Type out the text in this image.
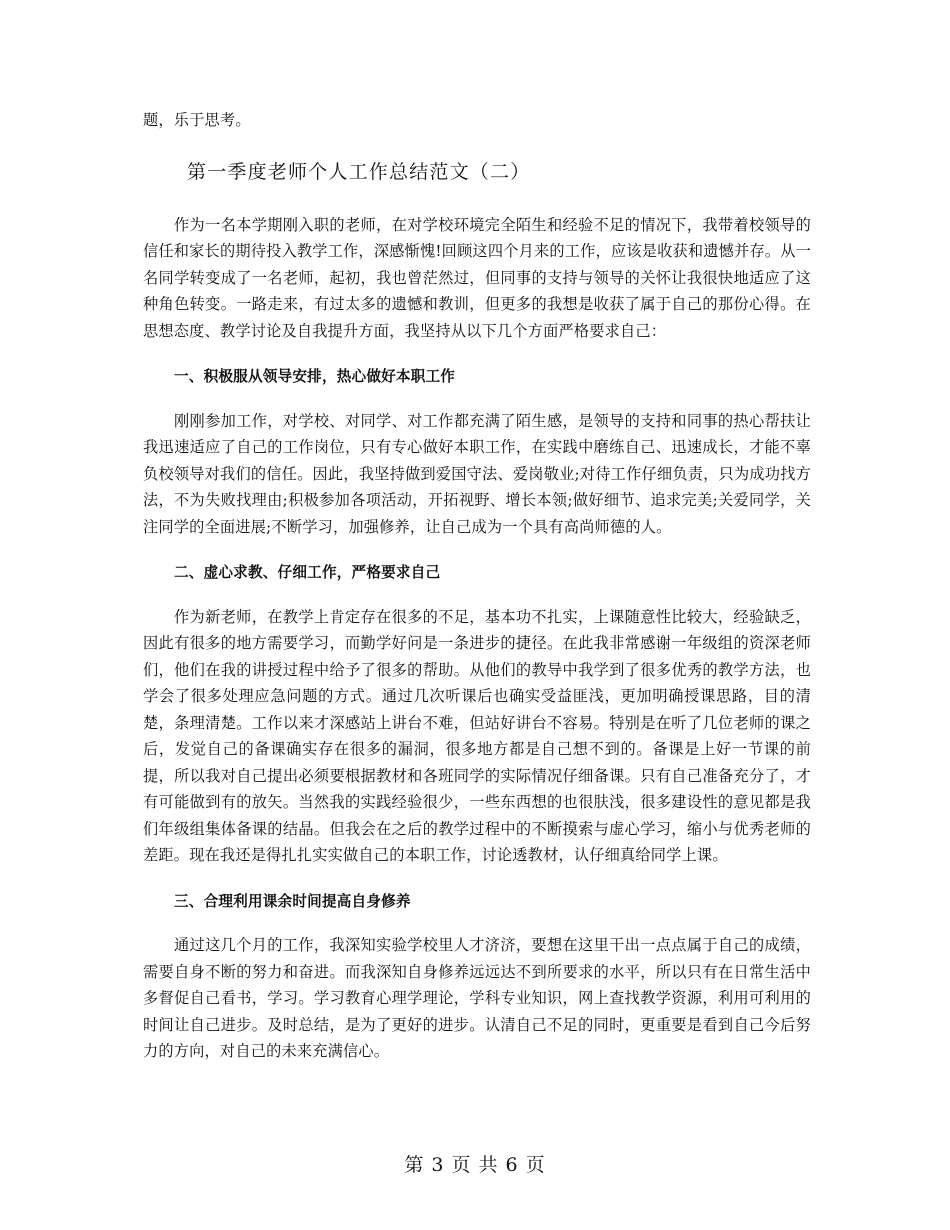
题，乐于思考。

第一季度老师个人工作总结范文（二）

作为一名本学期刚入职的老师，在对学校环境完全陌生和经验不足的情况下，我带着校领导的信任和家长的期待投入教学工作，深感惭愧!回顾这四个月来的工作，应该是收获和遗憾并存。从一名同学转变成了一名老师，起初，我也曾茫然过，但同事的支持与领导的关怀让我很快地适应了这种角色转变。一路走来，有过太多的遗憾和教训，但更多的我想是收获了属于自己的那份心得。在思想态度、教学讨论及自我提升方面，我坚持从以下几个方面严格要求自己：

一、积极服从领导安排，热心做好本职工作

刚刚参加工作，对学校、对同学、对工作都充满了陌生感，是领导的支持和同事的热心帮扶让我迅速适应了自己的工作岗位，只有专心做好本职工作，在实践中磨练自己、迅速成长，才能不辜负校领导对我们的信任。因此，我坚持做到爱国守法、爱岗敬业;对待工作仔细负责，只为成功找方法，不为失败找理由;积极参加各项活动，开拓视野、增长本领;做好细节、追求完美;关爱同学，关注同学的全面进展;不断学习，加强修养，让自己成为一个具有高尚师德的人。

二、虚心求教、仔细工作，严格要求自己

作为新老师，在教学上肯定存在很多的不足，基本功不扎实，上课随意性比较大，经验缺乏，因此有很多的地方需要学习，而勤学好问是一条进步的捷径。在此我非常感谢一年级组的资深老师们，他们在我的讲授过程中给予了很多的帮助。从他们的教导中我学到了很多优秀的教学方法，也学会了很多处理应急问题的方式。通过几次听课后也确实受益匪浅，更加明确授课思路，目的清楚，条理清楚。工作以来才深感站上讲台不难，但站好讲台不容易。特别是在听了几位老师的课之后，发觉自己的备课确实存在很多的漏洞，很多地方都是自己想不到的。备课是上好一节课的前提，所以我对自己提出必须要根据教材和各班同学的实际情况仔细备课。只有自己准备充分了，才有可能做到有的放矢。当然我的实践经验很少，一些东西想的也很肤浅，很多建设性的意见都是我们年级组集体备课的结晶。但我会在之后的教学过程中的不断摸索与虚心学习，缩小与优秀老师的差距。现在我还是得扎扎实实做自己的本职工作，讨论透教材，认仔细真给同学上课。

三、合理利用课余时间提高自身修养

通过这几个月的工作，我深知实验学校里人才济济，要想在这里干出一点点属于自己的成绩，需要自身不断的努力和奋进。而我深知自身修养远远达不到所要求的水平，所以只有在日常生活中多督促自己看书，学习。学习教育心理学理论，学科专业知识，网上查找教学资源，利用可利用的时间让自己进步。及时总结，是为了更好的进步。认清自己不足的同时，更重要是看到自己今后努力的方向，对自己的未来充满信心。

第 3 页 共 6 页
